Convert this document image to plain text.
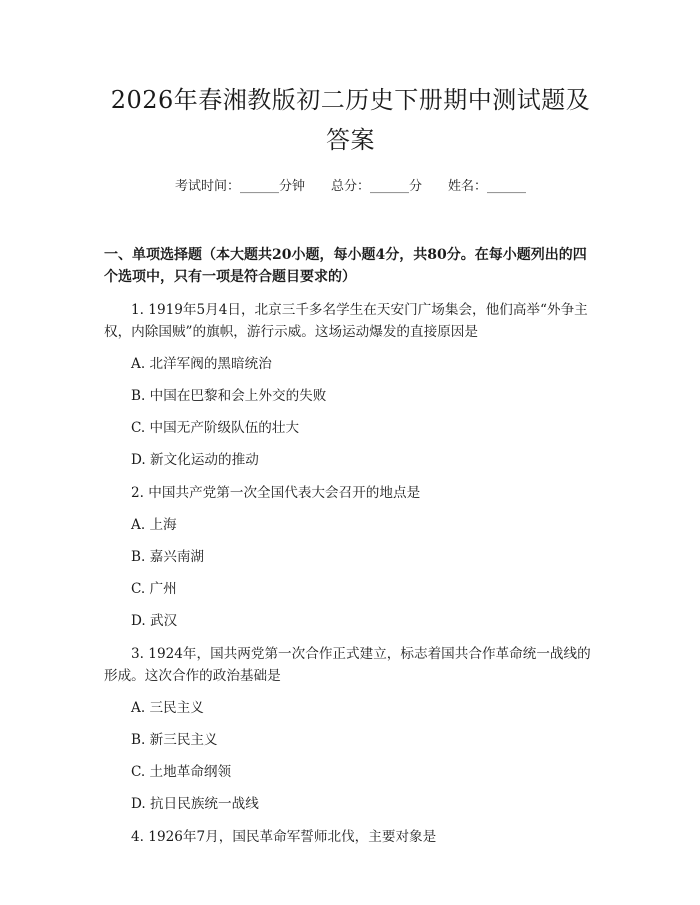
2026年春湘教版初二历史下册期中测试题及答案
考试时间：______分钟 总分：______分 姓名：______
一、单项选择题（本大题共20小题，每小题4分，共80分。在每小题列出的四个选项中，只有一项是符合题目要求的）
1. 1919年5月4日，北京三千多名学生在天安门广场集会，他们高举“外争主权，内除国贼”的旗帜，游行示威。这场运动爆发的直接原因是
A. 北洋军阀的黑暗统治
B. 中国在巴黎和会上外交的失败
C. 中国无产阶级队伍的壮大
D. 新文化运动的推动
2. 中国共产党第一次全国代表大会召开的地点是
A. 上海
B. 嘉兴南湖
C. 广州
D. 武汉
3. 1924年，国共两党第一次合作正式建立，标志着国共合作革命统一战线的形成。这次合作的政治基础是
A. 三民主义
B. 新三民主义
C. 土地革命纲领
D. 抗日民族统一战线
4. 1926年7月，国民革命军誓师北伐，主要对象是
